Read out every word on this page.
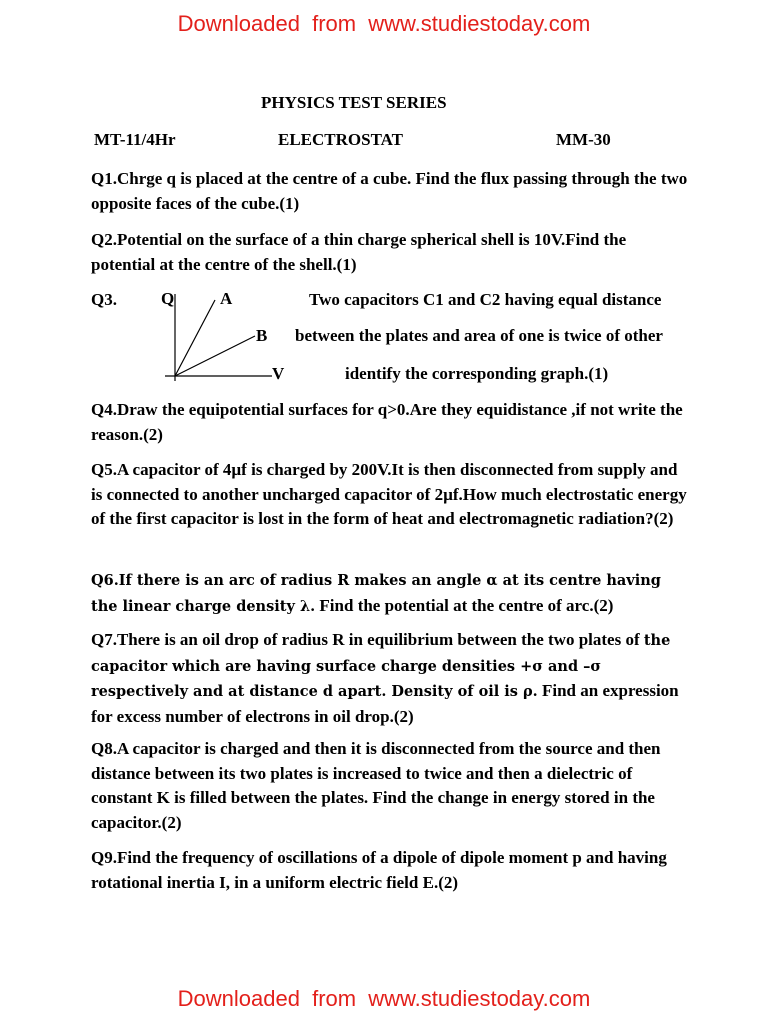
Downloaded from www.studiestoday.com
PHYSICS TEST SERIES
MT-11/4Hr	ELECTROSTAT	MM-30

Q1.Chrge q is placed at the centre of a cube. Find the flux passing through the two opposite faces of the cube.(1)

Q2.Potential on the surface of a thin charge spherical shell is 10V.Find the potential at the centre of the shell.(1)

Q3.	Two capacitors C1 and C2 having equal distance
between the plates and area of one is twice of other
identify the corresponding graph.(1)
Q	A
B
V

Q4.Draw the equipotential surfaces for q>0.Are they equidistance ,if not write the reason.(2)

Q5.A capacitor of 4µf is charged by 200V.It is then disconnected from supply and is connected to another uncharged capacitor of 2µf.How much electrostatic energy of the first capacitor is lost in the form of heat and electromagnetic radiation?(2)

Q6.If there is an arc of radius R makes an angle α at its centre having the linear charge density λ. Find the potential at the centre of arc.(2)

Q7.There is an oil drop of radius R in equilibrium between the two plates of the capacitor which are having surface charge densities +σ and –σ respectively and at distance d apart. Density of oil is ρ. Find an expression for excess number of electrons in oil drop.(2)

Q8.A capacitor is charged and then it is disconnected from the source and then distance between its two plates is increased to twice and then a dielectric of constant K is filled between the plates. Find the change in energy stored in the capacitor.(2)

Q9.Find the frequency of oscillations of a dipole of dipole moment p and having rotational inertia I, in a uniform electric field E.(2)

Downloaded from www.studiestoday.com
